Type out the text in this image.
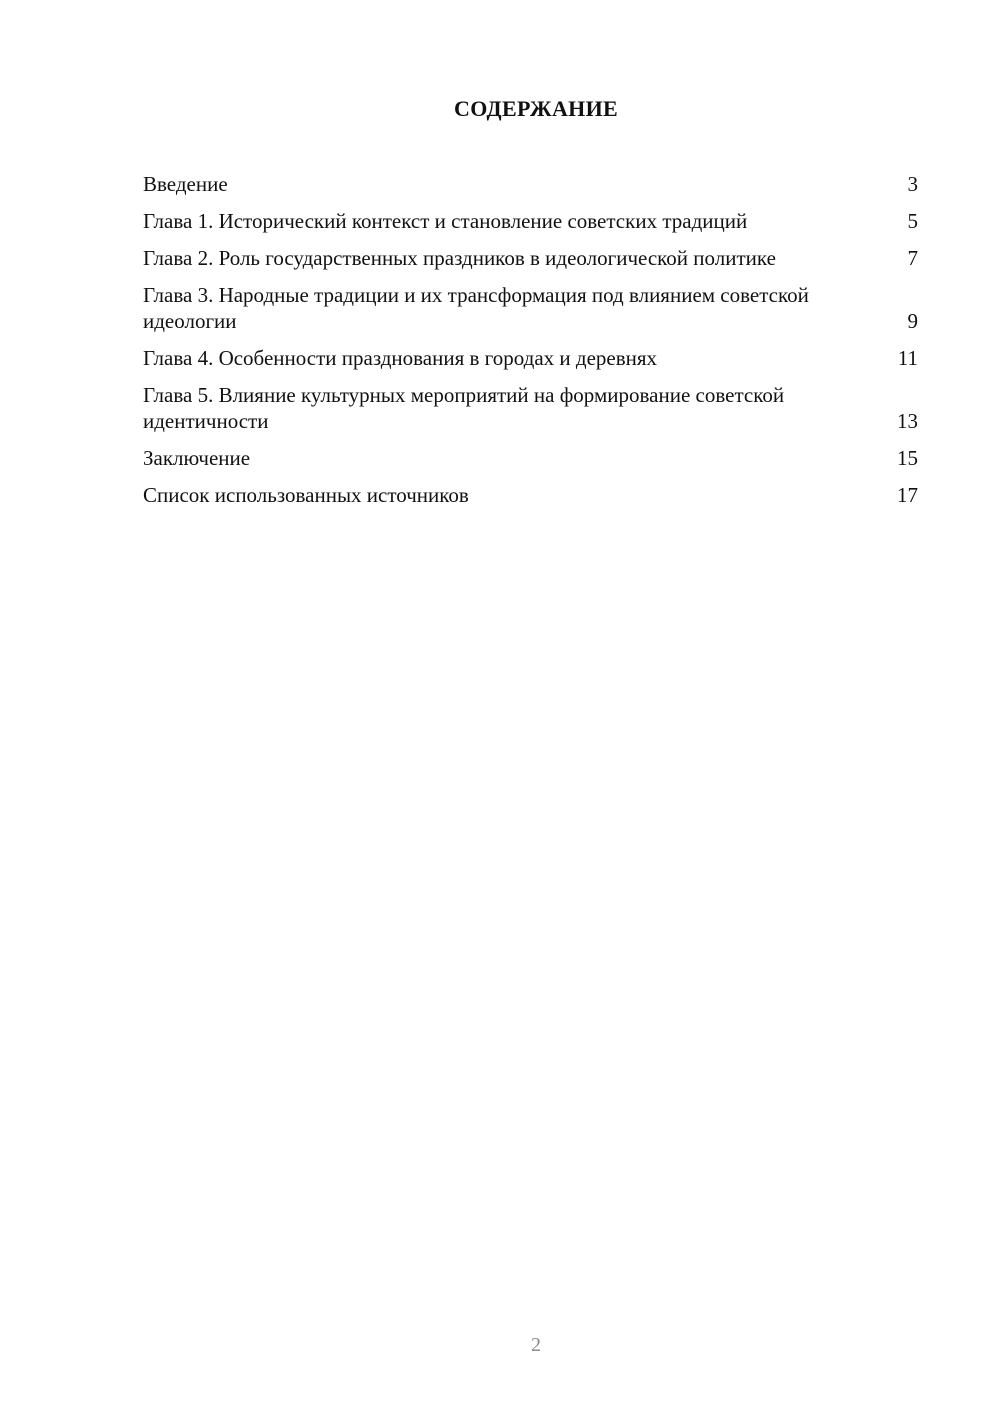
СОДЕРЖАНИЕ
Введение	3
Глава 1. Исторический контекст и становление советских традиций	5
Глава 2. Роль государственных праздников в идеологической политике	7
Глава 3. Народные традиции и их трансформация под влиянием советской идеологии	9
Глава 4. Особенности празднования в городах и деревнях	11
Глава 5. Влияние культурных мероприятий на формирование советской идентичности	13
Заключение	15
Список использованных источников	17
2
